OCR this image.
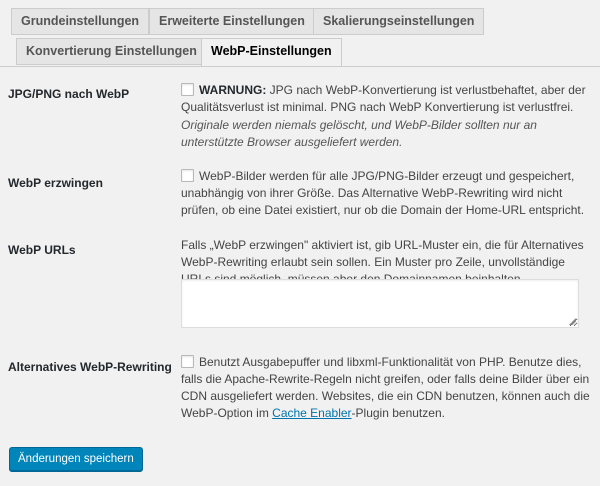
Grundeinstellungen	Erweiterte Einstellungen	Skalierungseinstellungen
Konvertierung Einstellungen	WebP-Einstellungen
JPG/PNG nach WebP	WARNUNG: JPG nach WebP-Konvertierung ist verlustbehaftet, aber der Qualitätsverlust ist minimal. PNG nach WebP Konvertierung ist verlustfrei.
Originale werden niemals gelöscht, und WebP-Bilder sollten nur an unterstützte Browser ausgeliefert werden.
WebP erzwingen	WebP-Bilder werden für alle JPG/PNG-Bilder erzeugt und gespeichert, unabhängig von ihrer Größe. Das Alternative WebP-Rewriting wird nicht prüfen, ob eine Datei existiert, nur ob die Domain der Home-URL entspricht.
WebP URLs	Falls „WebP erzwingen" aktiviert ist, gib URL-Muster ein, die für Alternatives WebP-Rewriting erlaubt sein sollen. Ein Muster pro Zeile, unvollständige
Alternatives WebP-Rewriting	Benutzt Ausgabepuffer und libxml-Funktionalität von PHP. Benutze dies, falls die Apache-Rewrite-Regeln nicht greifen, oder falls deine Bilder über ein CDN ausgeliefert werden. Websites, die ein CDN benutzen, können auch die WebP-Option im Cache Enabler-Plugin benutzen.
Änderungen speichern
